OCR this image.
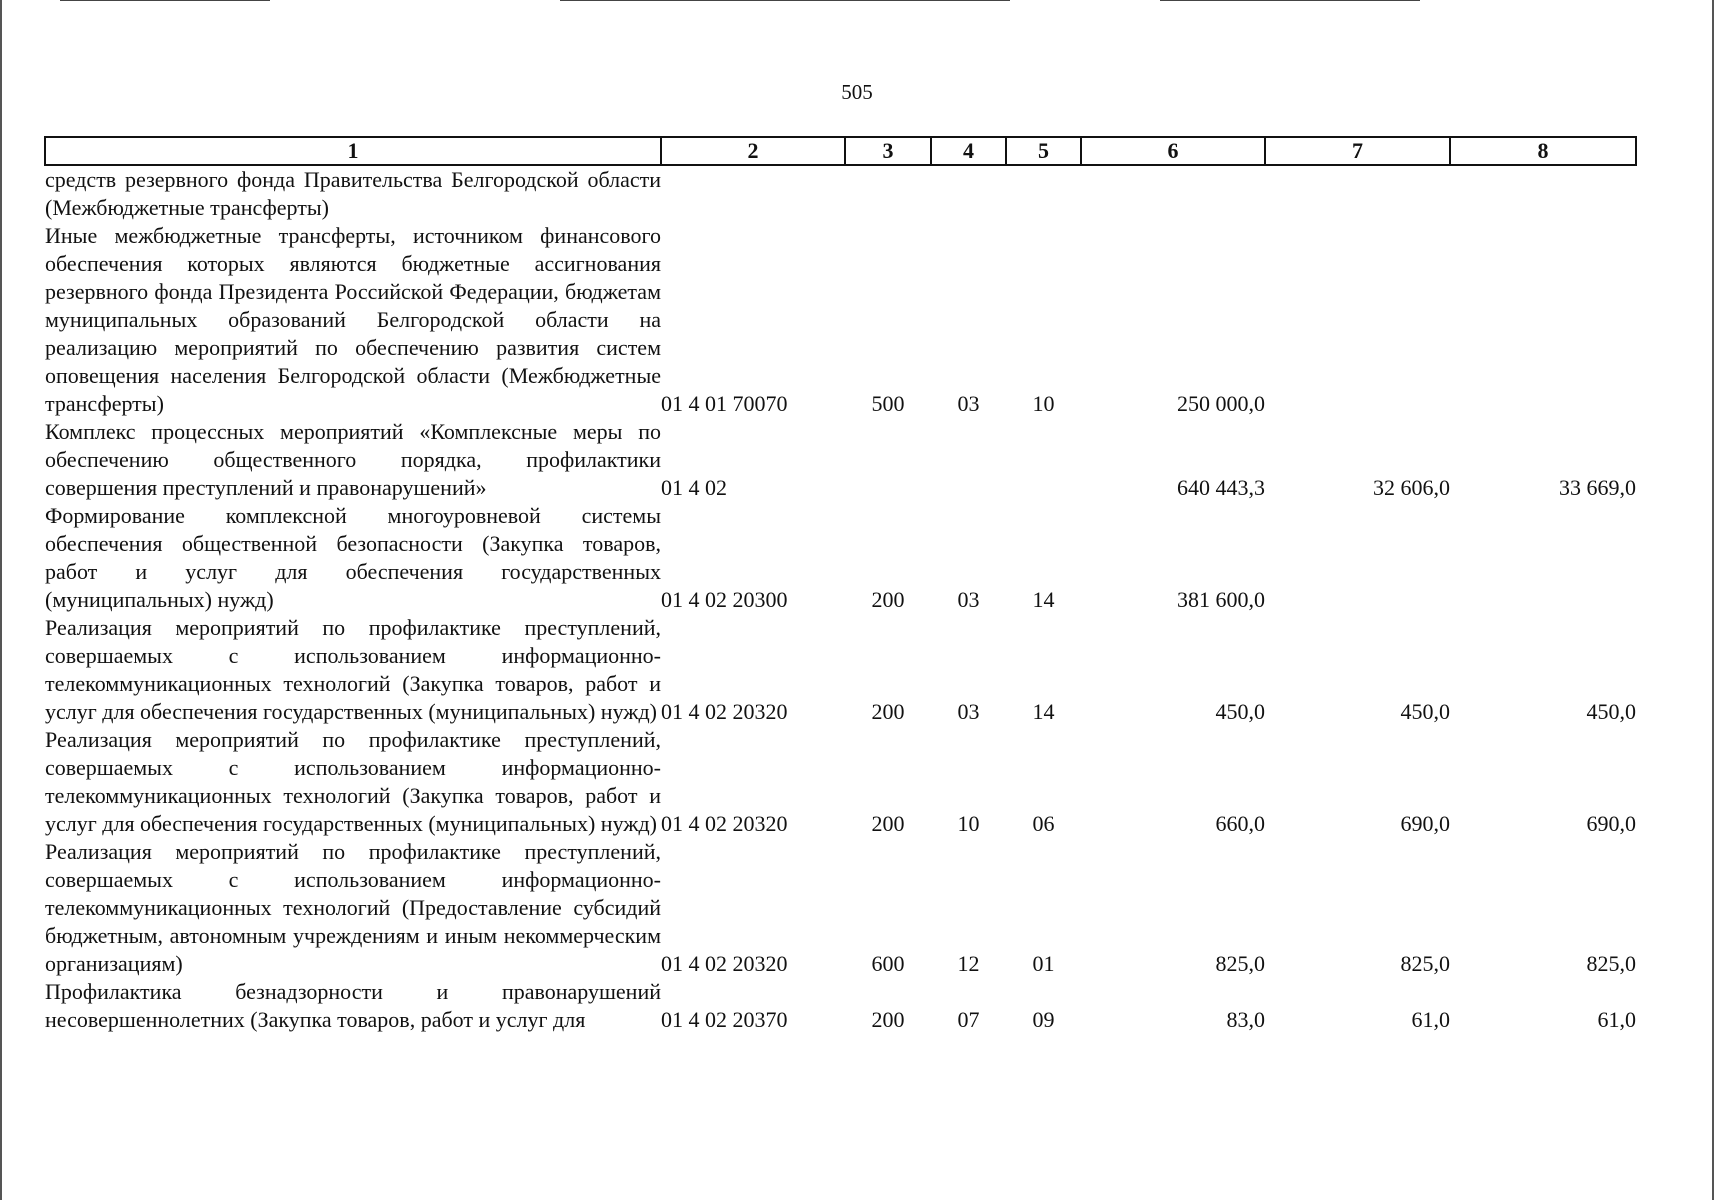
505
1	2	3	4	5	6	7	8

средств резервного фонда Правительства Белгородской области (Межбюджетные трансферты)							

Иные межбюджетные трансферты, источником финансового обеспечения которых являются бюджетные ассигнования резервного фонда Президента Российской Федерации, бюджетам муниципальных образований Белгородской области на реализацию мероприятий по обеспечению развития систем оповещения населения Белгородской области (Межбюджетные трансферты)	01 4 01 70070	500	03	10	250 000,0		

Комплекс процессных мероприятий «Комплексные меры по обеспечению общественного порядка, профилактики совершения преступлений и правонарушений»	01 4 02				640 443,3	32 606,0	33 669,0

Формирование комплексной многоуровневой системы обеспечения общественной безопасности (Закупка товаров, работ и услуг для обеспечения государственных (муниципальных) нужд)	01 4 02 20300	200	03	14	381 600,0		

Реализация мероприятий по профилактике преступлений, совершаемых с использованием информационно-телекоммуникационных технологий (Закупка товаров, работ и услуг для обеспечения государственных (муниципальных) нужд)	01 4 02 20320	200	03	14	450,0	450,0	450,0

Реализация мероприятий по профилактике преступлений, совершаемых с использованием информационно-телекоммуникационных технологий (Закупка товаров, работ и услуг для обеспечения государственных (муниципальных) нужд)	01 4 02 20320	200	10	06	660,0	690,0	690,0

Реализация мероприятий по профилактике преступлений, совершаемых с использованием информационно-телекоммуникационных технологий (Предоставление субсидий бюджетным, автономным учреждениям и иным некоммерческим организациям)	01 4 02 20320	600	12	01	825,0	825,0	825,0

Профилактика безнадзорности и правонарушений несовершеннолетних (Закупка товаров, работ и услуг для	01 4 02 20370	200	07	09	83,0	61,0	61,0
